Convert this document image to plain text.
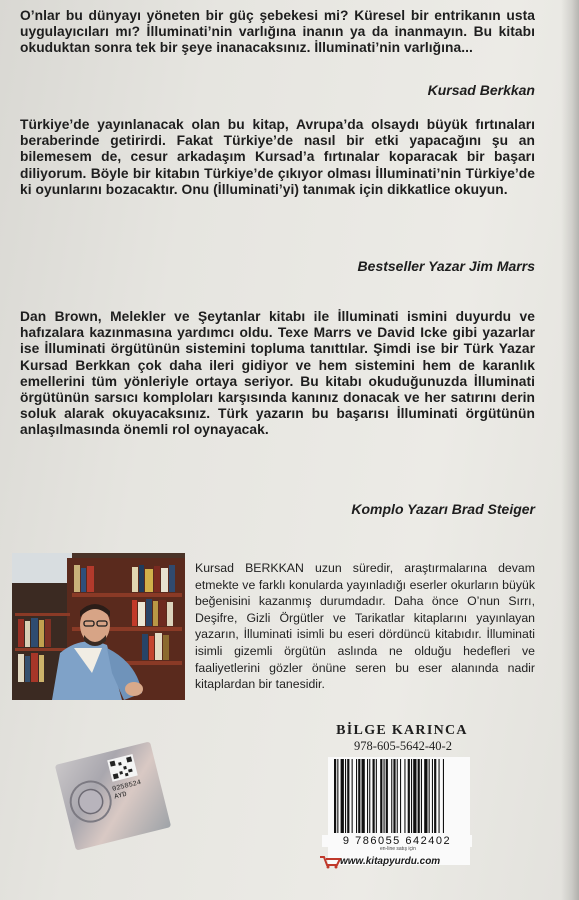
O’nlar bu dünyayı yöneten bir güç şebekesi mi? Küresel bir entrikanın usta uygulayıcıları mı? İlluminati’nin varlığına inanın ya da inanmayın. Bu kitabı okuduktan sonra tek bir şeye inanacaksınız. İlluminati’nin varlığına...

Kursad Berkkan

Türkiye’de yayınlanacak olan bu kitap, Avrupa’da olsaydı büyük fırtınaları beraberinde getirirdi. Fakat Türkiye’de nasıl bir etki yapacağını şu an bilemesem de, cesur arkadaşım Kursad’a fırtınalar koparacak bir başarı diliyorum. Böyle bir kitabın Türkiye’de çıkıyor olması İlluminati’nin Türkiye’de ki oyunlarını bozacaktır. Onu (İlluminati’yi) tanımak için dikkatlice okuyun.

Bestseller Yazar Jim Marrs

Dan Brown, Melekler ve Şeytanlar kitabı ile İlluminati ismini duyurdu ve hafızalara kazınmasına yardımcı oldu. Texe Marrs ve David Icke gibi yazarlar ise İlluminati örgütünün sistemini topluma tanıttılar. Şimdi ise bir Türk Yazar Kursad Berkkan çok daha ileri gidiyor ve hem sistemini hem de karanlık emellerini tüm yönleriyle ortaya seriyor. Bu kitabı okuduğunuzda İlluminati örgütünün sarsıcı komploları karşısında kanınız donacak ve her satırını derin soluk alarak okuyacaksınız. Türk yazarın bu başarısı İlluminati örgütünün anlaşılmasında önemli rol oynayacak.

Komplo Yazarı Brad Steiger

Kursad BERKKAN uzun süredir, araştırmalarına devam etmekte ve farklı konularda yayınladığı eserler okurların büyük beğenisini kazanmış durumdadır. Daha önce O’nun Sırrı, Deşifre, Gizli Örgütler ve Tarikatlar kitaplarını yayınlayan yazarın, İlluminati isimli bu eseri dördüncü kitabıdır. İlluminati isimli gizemli örgütün aslında ne olduğu hedefleri ve faaliyetlerini gözler önüne seren bu eser alanında nadir kitaplardan bir tanesidir.

BİLGE KARINCA
978-605-5642-40-2
9 786055 642402
en-line satış için
www.kitapyurdu.com
0258524
AYD
